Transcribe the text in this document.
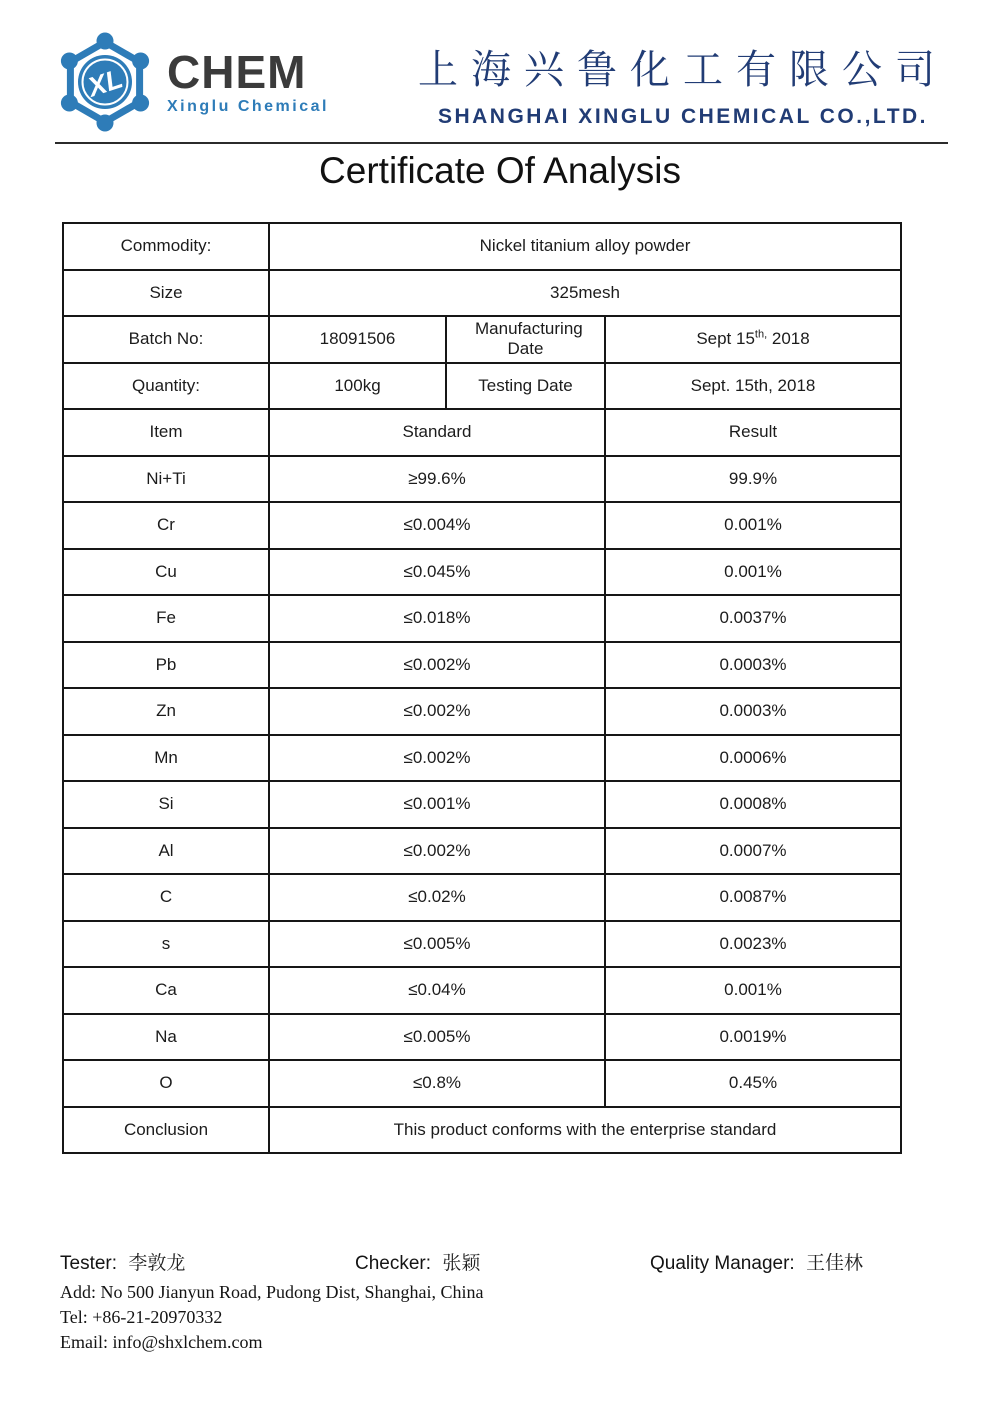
XL CHEM
Xinglu Chemical
上海兴鲁化工有限公司
SHANGHAI XINGLU CHEMICAL CO.,LTD.
Certificate Of Analysis
Commodity:	Nickel titanium alloy powder		
Size	325mesh		
Batch No:	18091506	Manufacturing Date	Sept $15^{th,}$ 2018
Quantity:	100kg	Testing Date	Sept. 15th, 2018
Item	Standard		Result
Ni+Ti	≥99.6%		99.9%
Cr	≤0.004%		0.001%
Cu	≤0.045%		0.001%
Fe	≤0.018%		0.0037%
Pb	≤0.002%		0.0003%
Zn	≤0.002%		0.0003%
Mn	≤0.002%		0.0006%
Si	≤0.001%		0.0008%
Al	≤0.002%		0.0007%
C	≤0.02%		0.0087%
s	≤0.005%		0.0023%
Ca	≤0.04%		0.001%
Na	≤0.005%		0.0019%
O	≤0.8%		0.45%
Conclusion	This product conforms with the enterprise standard		
Tester: 李敦龙	Checker: 张颖	Quality Manager: 王佳林
Add: No 500 Jianyun Road, Pudong Dist, Shanghai, China
Tel: +86-21-20970332
Email: info@shxlchem.com
